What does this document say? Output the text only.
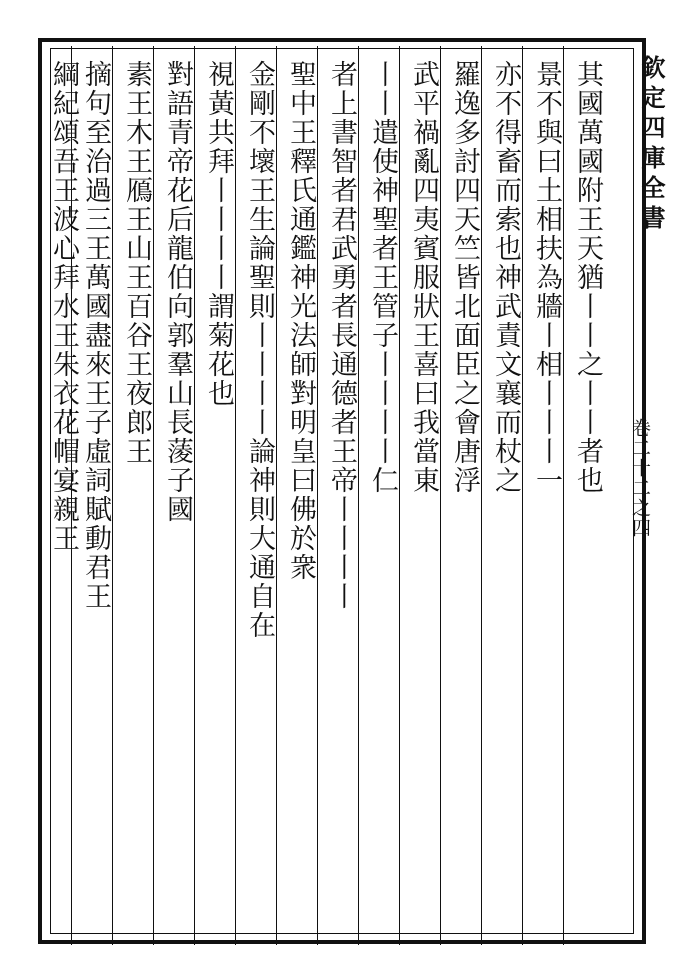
欽定四庫全書
卷二十二之四
其國萬國附王天猶丨丨之丨丨者也
景不與曰土相扶為牆丨相丨丨丨一
亦不得畜而索也神武責文襄而杖之
羅逸多討四天竺皆北面臣之會唐浮
武平禍亂四夷賓服狀王喜曰我當東
丨丨遣使神聖者王管子丨丨丨丨仁
者上書智者君武勇者長通德者王帝丨丨丨丨
聖中王釋氏通鑑神光法師對明皇曰佛於衆
金剛不壞王生論聖則丨丨丨丨論神則大通自在
視黃共拜丨丨丨丨謂菊花也
對語青帝花后龍伯向郭羣山長蔆子國
素王木王鴈王山王百谷王夜郎王
摘句至治過三王萬國盡來王子虛詞賦動君王
綱紀頌吾王波心拜水王朱衣花帽宴親王
